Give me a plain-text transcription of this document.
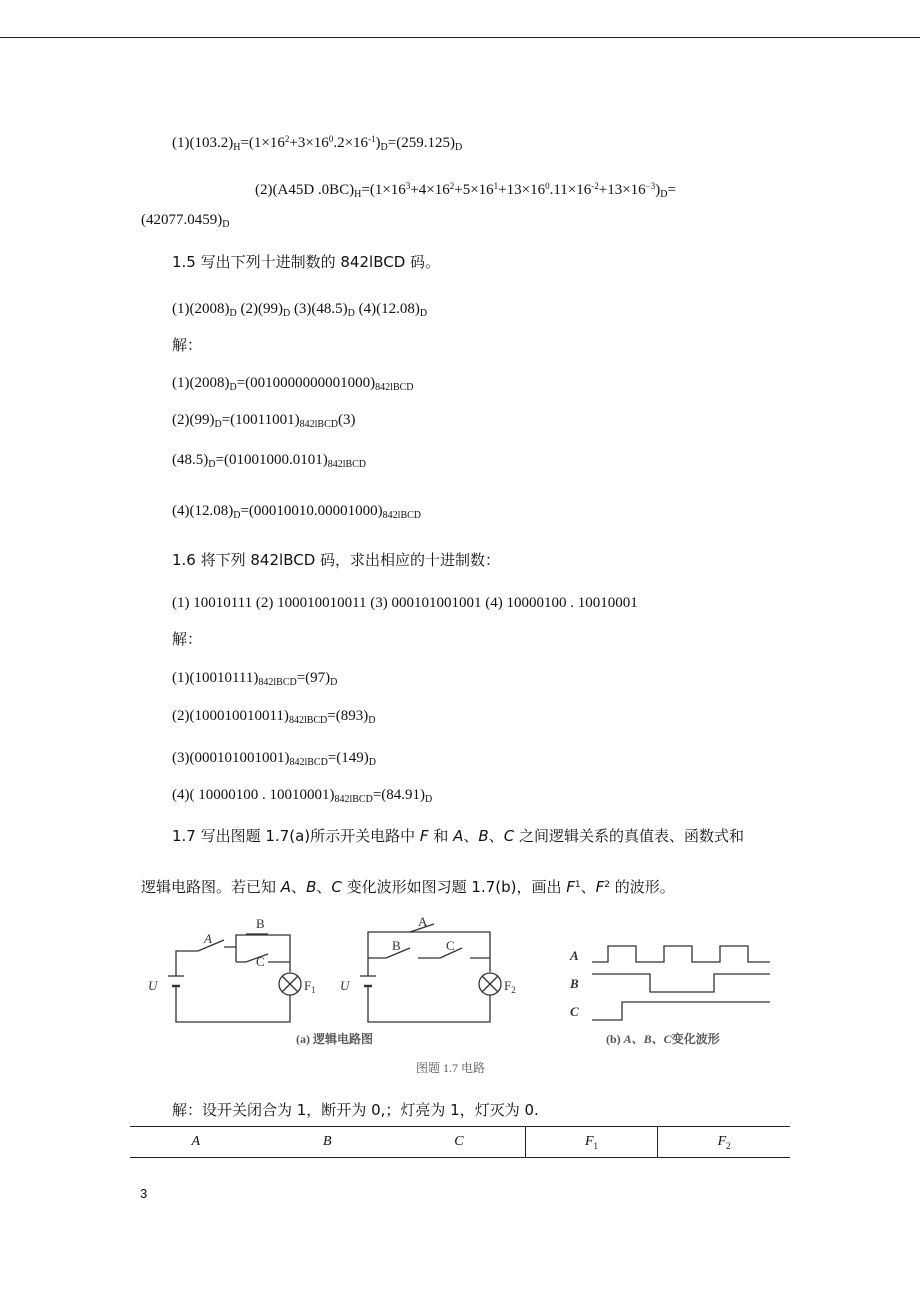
$(1)(103.2)_H=(1\times 16^2+3\times 16^0.2\times 16^{-1})_D=(259.125)_D$
(2)(A45D $.0BC)_H=(1\times 16^3+4\times 16^2+5\times 16^1+13\times 16^0.11\times 16^{-2}+13\times 16^{-3})_D=$
$(42077.0459)_D$
1.5 写出下列十进制数的 842lBCD 码。
$(1)(2008)_D$ $(2)(99)_D$ $(3)(48.5)_D$ $(4)(12.08)_D$
解：
$(1)(2008)_D=(0010000000001000)_{842lBCD}$
$(2)(99)_D=(10011001)_{842lBCD}(3)$
$(48.5)_D=(01001000.0101)_{842lBCD}$
$(4)(12.08)_D=(00010010.00001000)_{842lBCD}$
1.6 将下列 842lBCD 码，求出相应的十进制数：
(1) 10010111 (2) 100010010011 (3) 000101001001 (4) 10000100 . 10010001
解：
$(1)(10010111)_{842lBCD}=(97)_D$
$(2)(100010010011)_{842lBCD}=(893)_D$
$(3)(000101001001)_{842lBCD}=(149)_D$
(4)( 10000100 . $10010001)_{842lBCD}=(84.91)_D$
1.7 写出图题 1.7(a)所示开关电路中 F 和 A、B、C 之间逻辑关系的真值表、函数式和
逻辑电路图。若已知 A、B、C 变化波形如图习题 1.7(b)，画出 $F^1$、$F^2$ 的波形。
A
B
C
U	$F_1$
A
B	C
U	$F_2$
A
B
C
(a) 逻辑电路图	(b) A、B、C变化波形
图题 1.7 电路
解：设开关闭合为 1，断开为 0,；灯亮为 1，灯灭为 0.
A	B	C	$F_1$	$F_2$
3
